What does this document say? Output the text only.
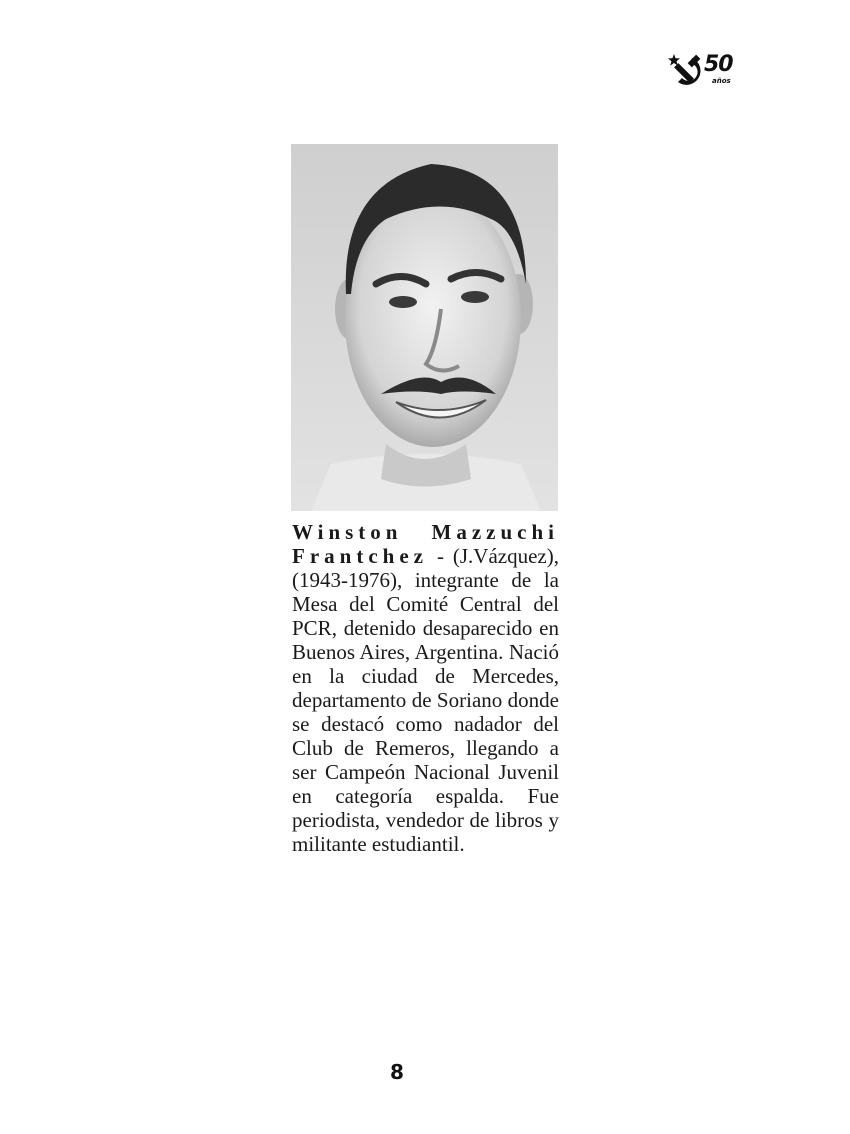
50
años
Winston Mazzuchi Frantchez - (J.Vázquez), (1943-1976), integrante de la Mesa del Comité Central del PCR, detenido desaparecido en Buenos Aires, Argentina. Nació en la ciudad de Mercedes, departamento de Soriano donde se destacó como nadador del Club de Remeros, llegando a ser Campeón Nacional Juvenil en categoría espalda. Fue periodista, vendedor de libros y militante estudiantil.
8
